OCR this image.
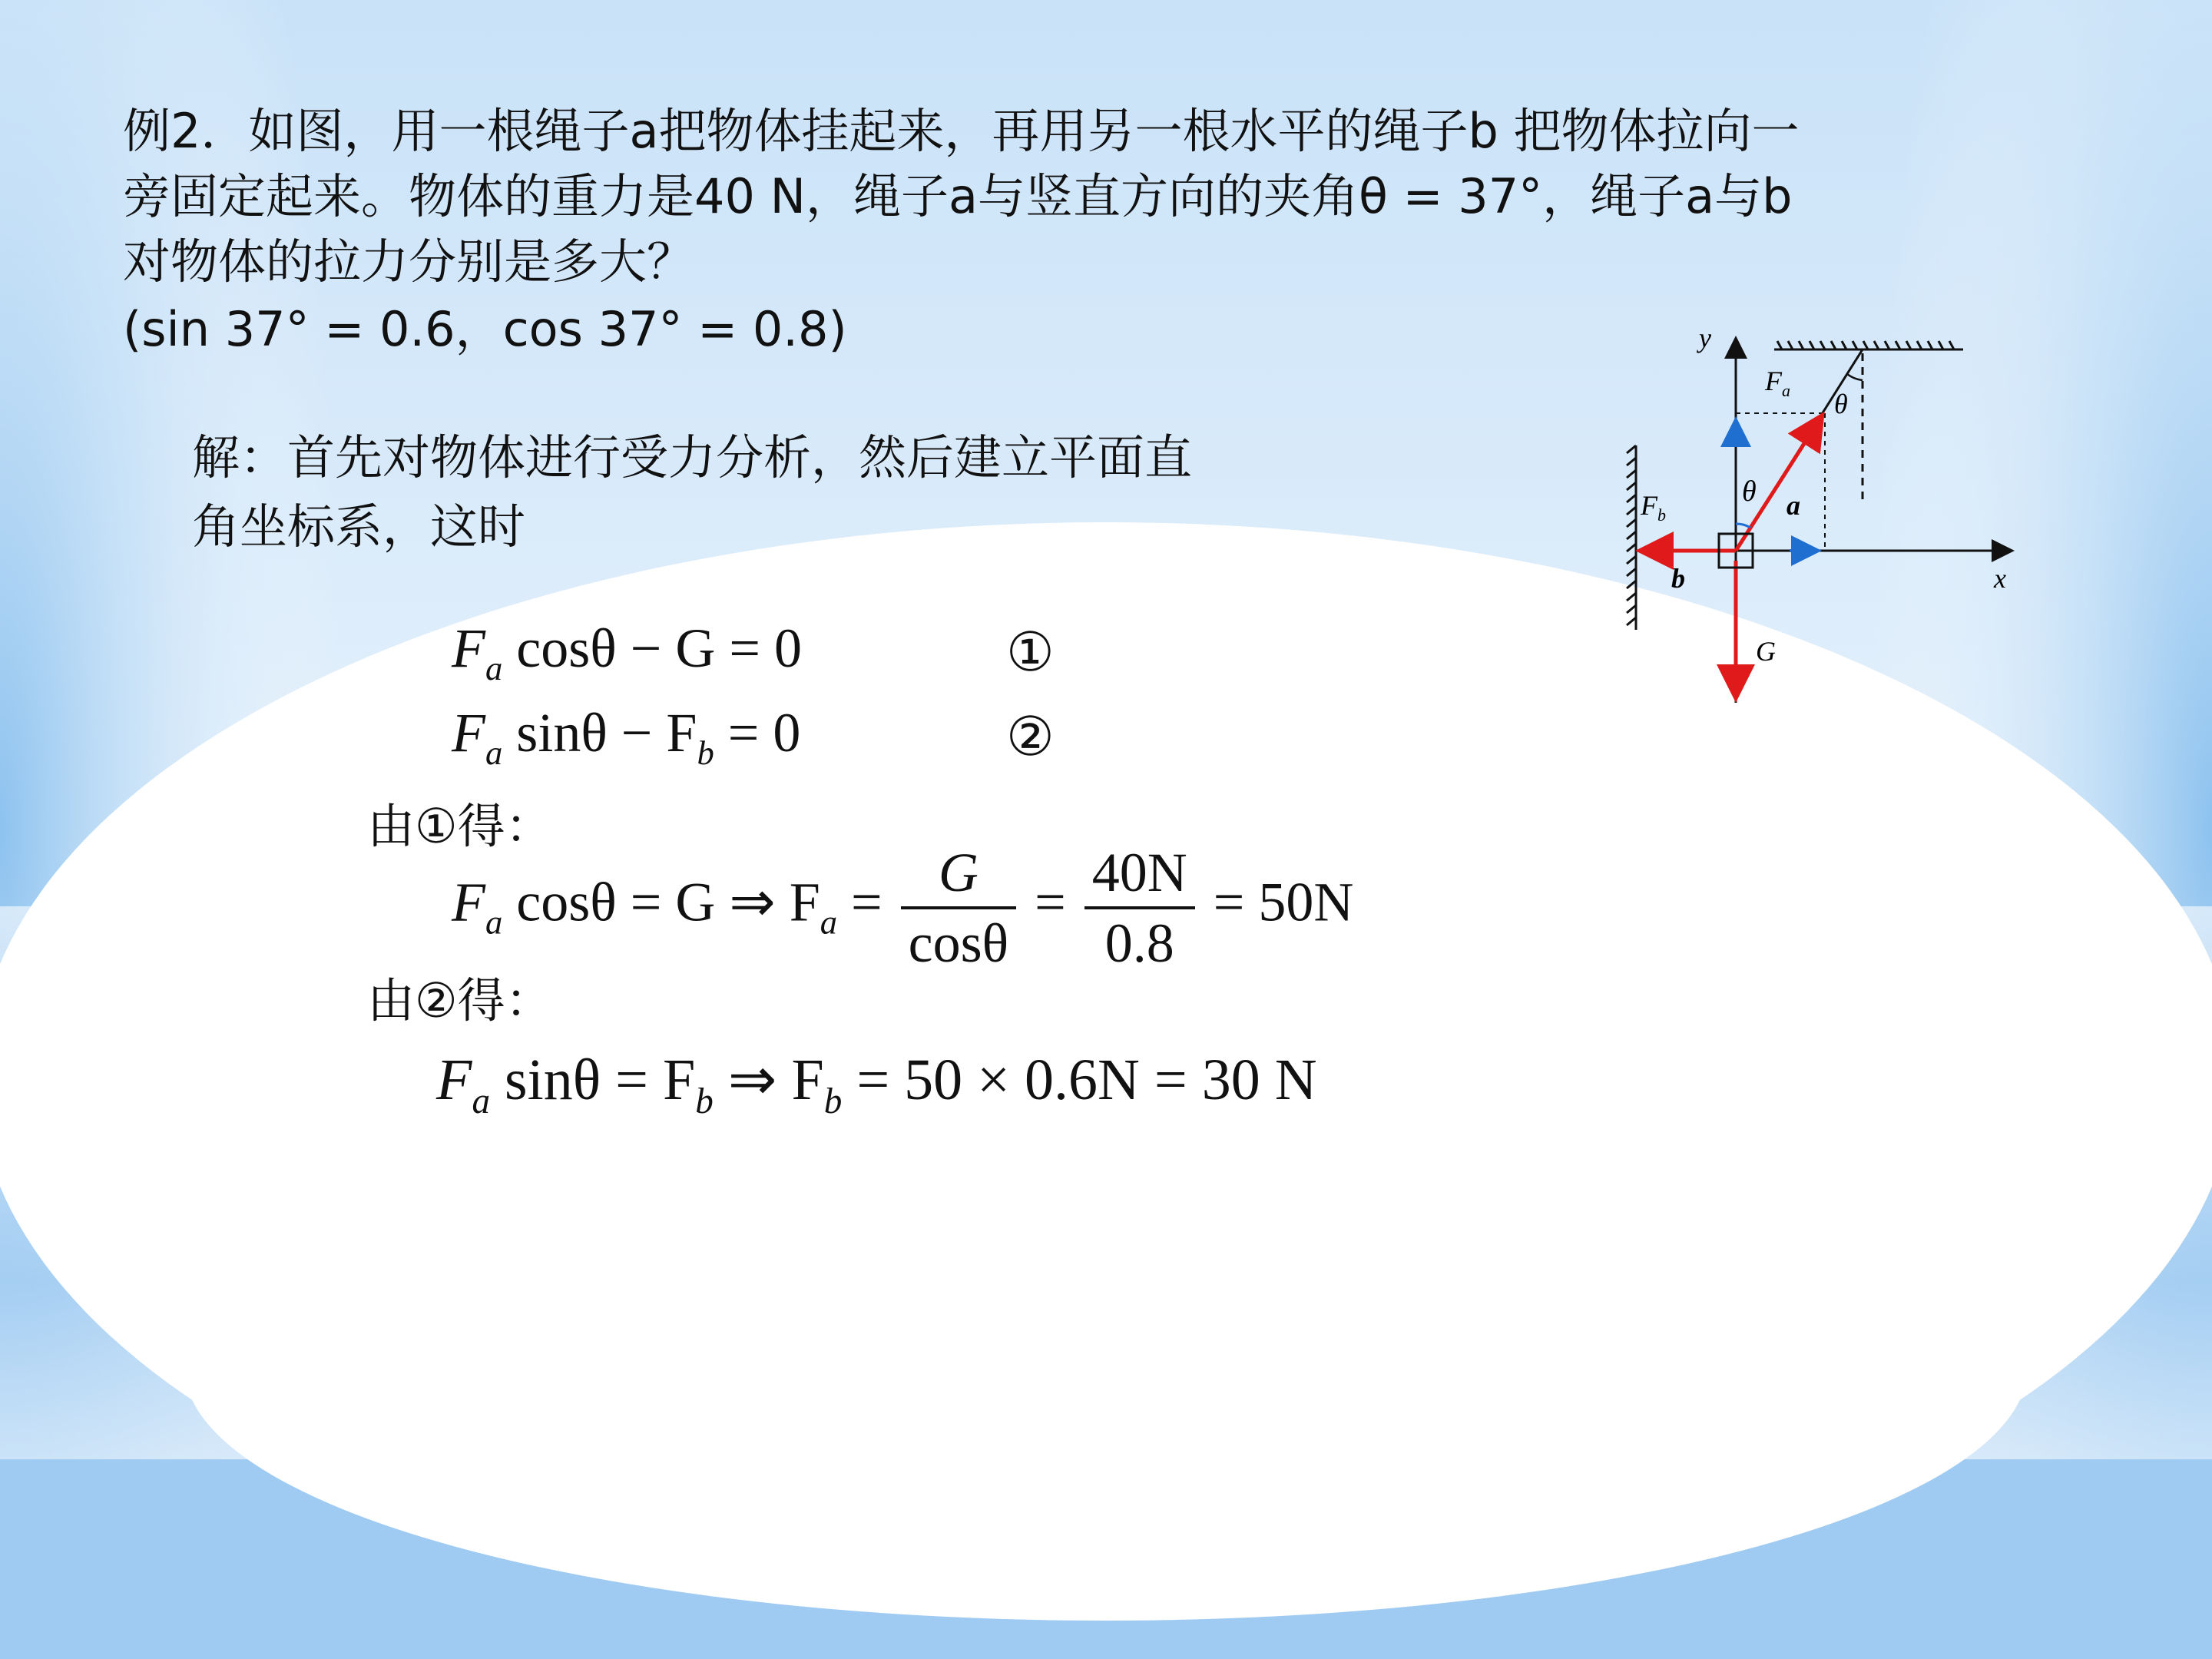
例2．如图，用一根绳子a把物体挂起来，再用另一根水平的绳子b 把物体拉向一
旁固定起来。物体的重力是40 N，绳子a与竖直方向的夹角θ = 37°，绳子a与b
对物体的拉力分别是多大？
(sin 37° = 0.6，cos 37° = 0.8)
解：首先对物体进行受力分析，然后建立平面直
角坐标系，这时
$F_a$ cosθ − G = 0	①
$F_a$ $\sin\theta - F_b = 0$	②
由①得：
$F_a$ cosθ = G ⇒ $F_a = \frac{G}{\cos\theta} = \frac{40N}{0.8} = 50N$
由②得：
$F_a$ $\sin\theta = F_b$ ⇒ $F_b = 50 \times 0.6N = 30$ N
y
x
$F_a$ θ
θ a
$F_b$
b
G
